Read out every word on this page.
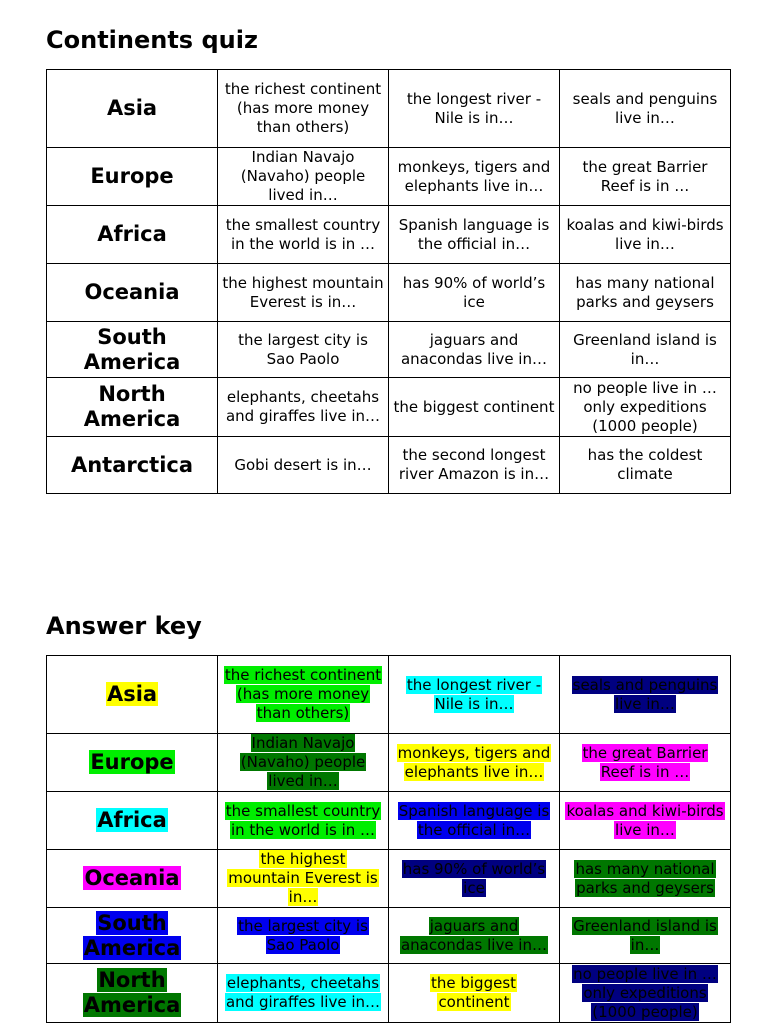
Continents quiz
Asia	the richest continent (has more money than others)	the longest river - Nile is in…	seals and penguins live in…
Europe	Indian Navajo (Navaho) people lived in…	monkeys, tigers and elephants live in…	the great Barrier Reef is in …
Africa	the smallest country in the world is in …	Spanish language is the official in…	koalas and kiwi-birds live in…
Oceania	the highest mountain Everest is in…	has 90% of world’s ice	has many national parks and geysers
South America	the largest city is Sao Paolo	jaguars and anacondas live in…	Greenland island is in…
North America	elephants, cheetahs and giraffes live in…	the biggest continent	no people live in … only expeditions (1000 people)
Antarctica	Gobi desert is in…	the second longest river Amazon is in…	has the coldest climate
Answer key
Asia	the richest continent (has more money than others)	the longest river - Nile is in…	seals and penguins live in…
Europe	Indian Navajo (Navaho) people lived in…	monkeys, tigers and elephants live in…	the great Barrier Reef is in …
Africa	the smallest country in the world is in …	Spanish language is the official in…	koalas and kiwi-birds live in…
Oceania	the highest mountain Everest is in…	has 90% of world’s ice	has many national parks and geysers
South America	the largest city is Sao Paolo	jaguars and anacondas live in…	Greenland island is in…
North America	elephants, cheetahs and giraffes live in…	the biggest continent	no people live in … only expeditions (1000 people)
